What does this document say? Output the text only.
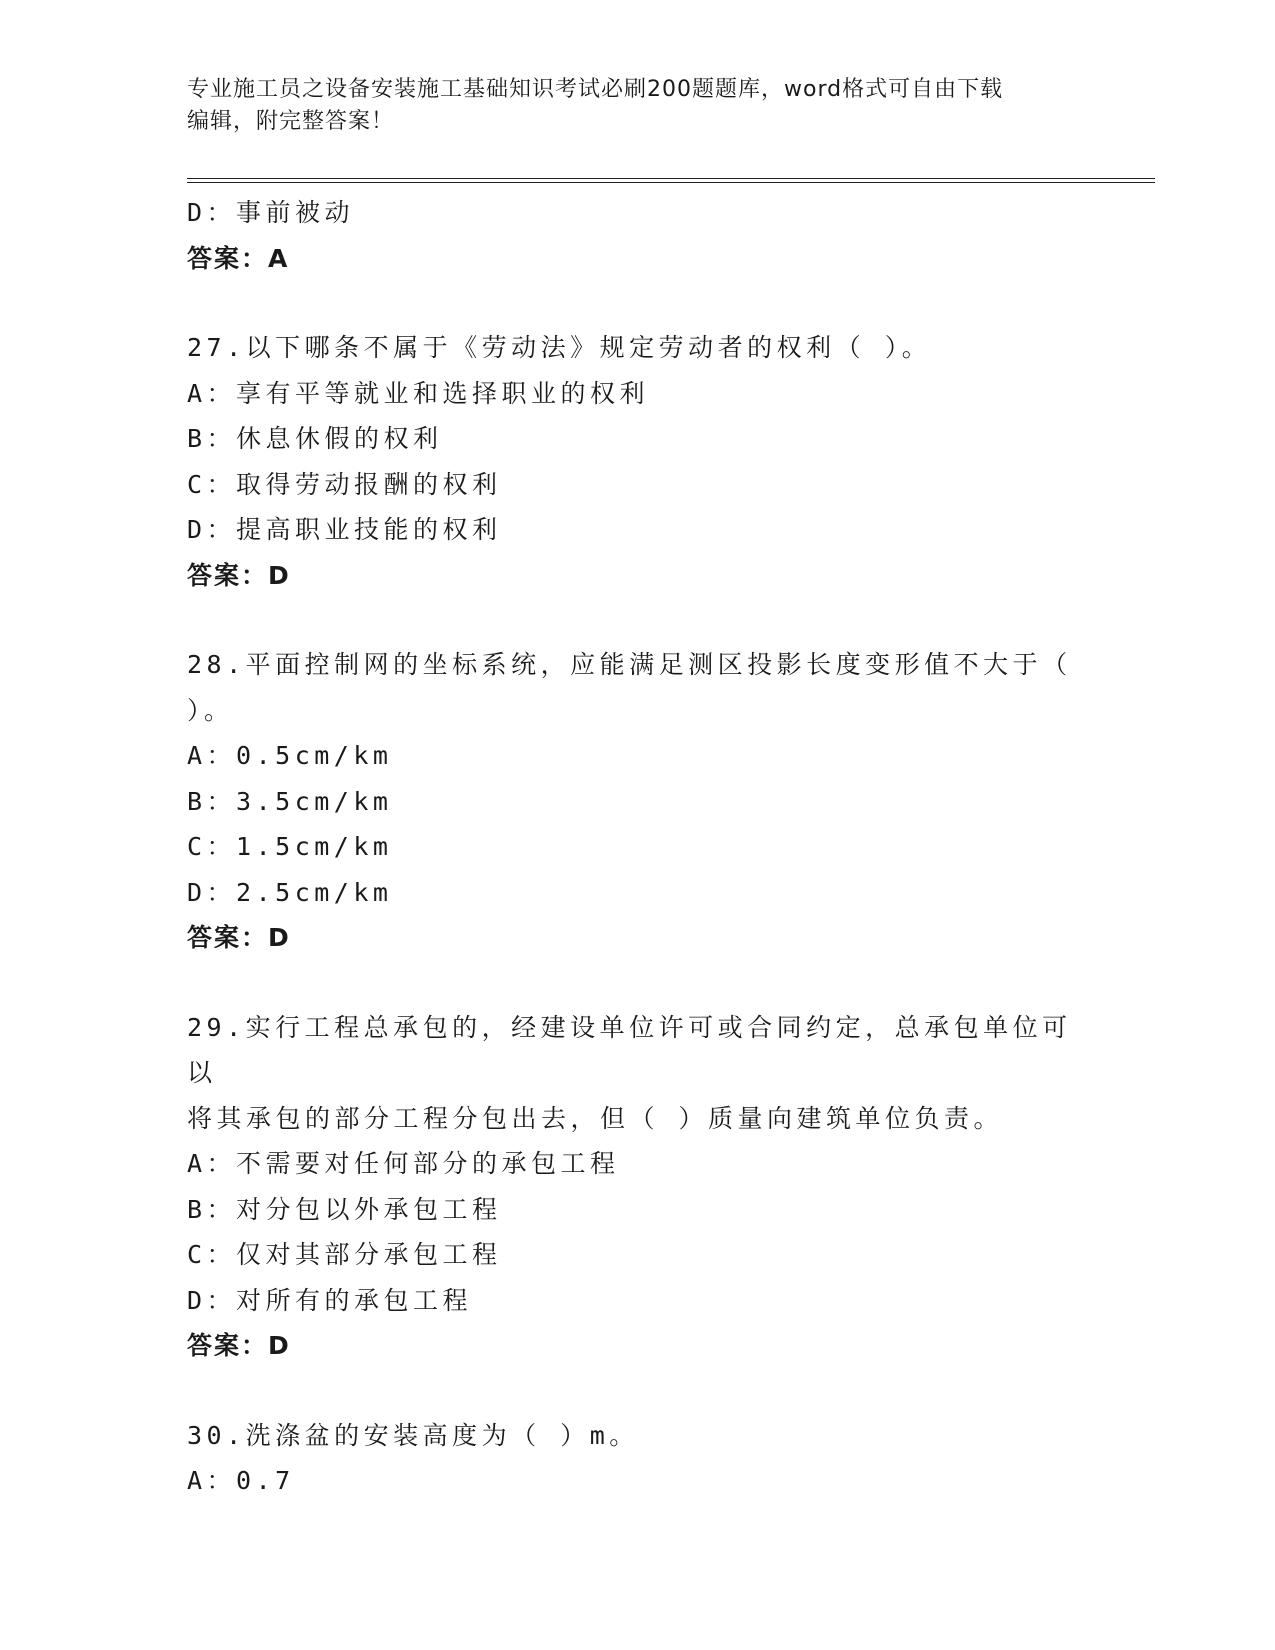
专业施工员之设备安装施工基础知识考试必刷200题题库，word格式可自由下载
编辑，附完整答案！
D：事前被动
答案：A
27.以下哪条不属于《劳动法》规定劳动者的权利（ ）。
A：享有平等就业和选择职业的权利
B：休息休假的权利
C：取得劳动报酬的权利
D：提高职业技能的权利
答案：D
28.平面控制网的坐标系统，应能满足测区投影长度变形值不大于（
）。
A：0.5cm/km
B：3.5cm/km
C：1.5cm/km
D：2.5cm/km
答案：D
29.实行工程总承包的，经建设单位许可或合同约定，总承包单位可以
将其承包的部分工程分包出去，但（ ）质量向建筑单位负责。
A：不需要对任何部分的承包工程
B：对分包以外承包工程
C：仅对其部分承包工程
D：对所有的承包工程
答案：D
30.洗涤盆的安装高度为（ ）m。
A：0.7
